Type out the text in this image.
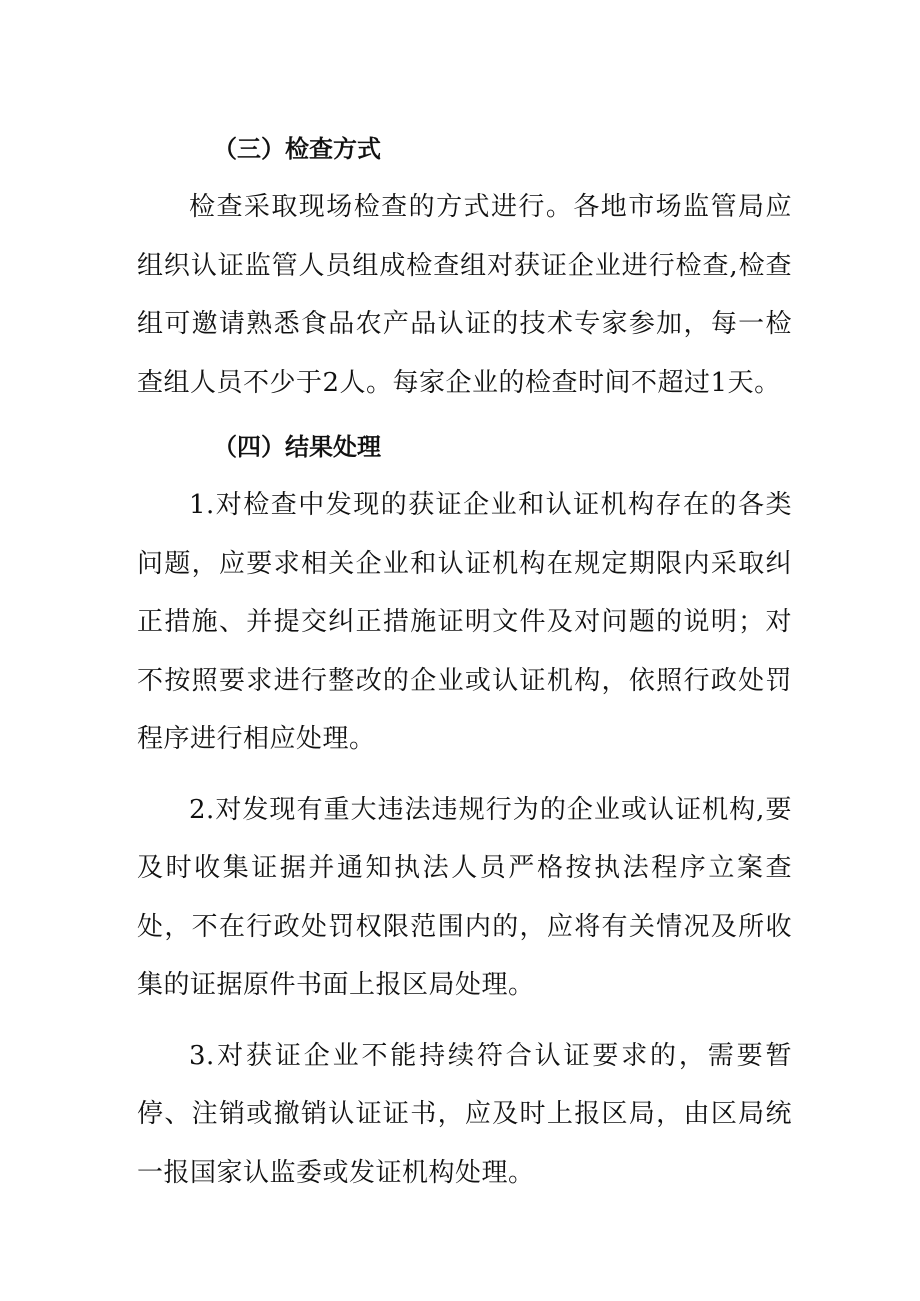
（三）检查方式

检查采取现场检查的方式进行。各地市场监管局应组织认证监管人员组成检查组对获证企业进行检查,检查组可邀请熟悉食品农产品认证的技术专家参加，每一检查组人员不少于2人。每家企业的检查时间不超过1天。

（四）结果处理

1.对检查中发现的获证企业和认证机构存在的各类问题，应要求相关企业和认证机构在规定期限内采取纠正措施、并提交纠正措施证明文件及对问题的说明；对不按照要求进行整改的企业或认证机构，依照行政处罚程序进行相应处理。

2.对发现有重大违法违规行为的企业或认证机构,要及时收集证据并通知执法人员严格按执法程序立案查处，不在行政处罚权限范围内的，应将有关情况及所收集的证据原件书面上报区局处理。

3.对获证企业不能持续符合认证要求的，需要暂停、注销或撤销认证证书，应及时上报区局，由区局统一报国家认监委或发证机构处理。
